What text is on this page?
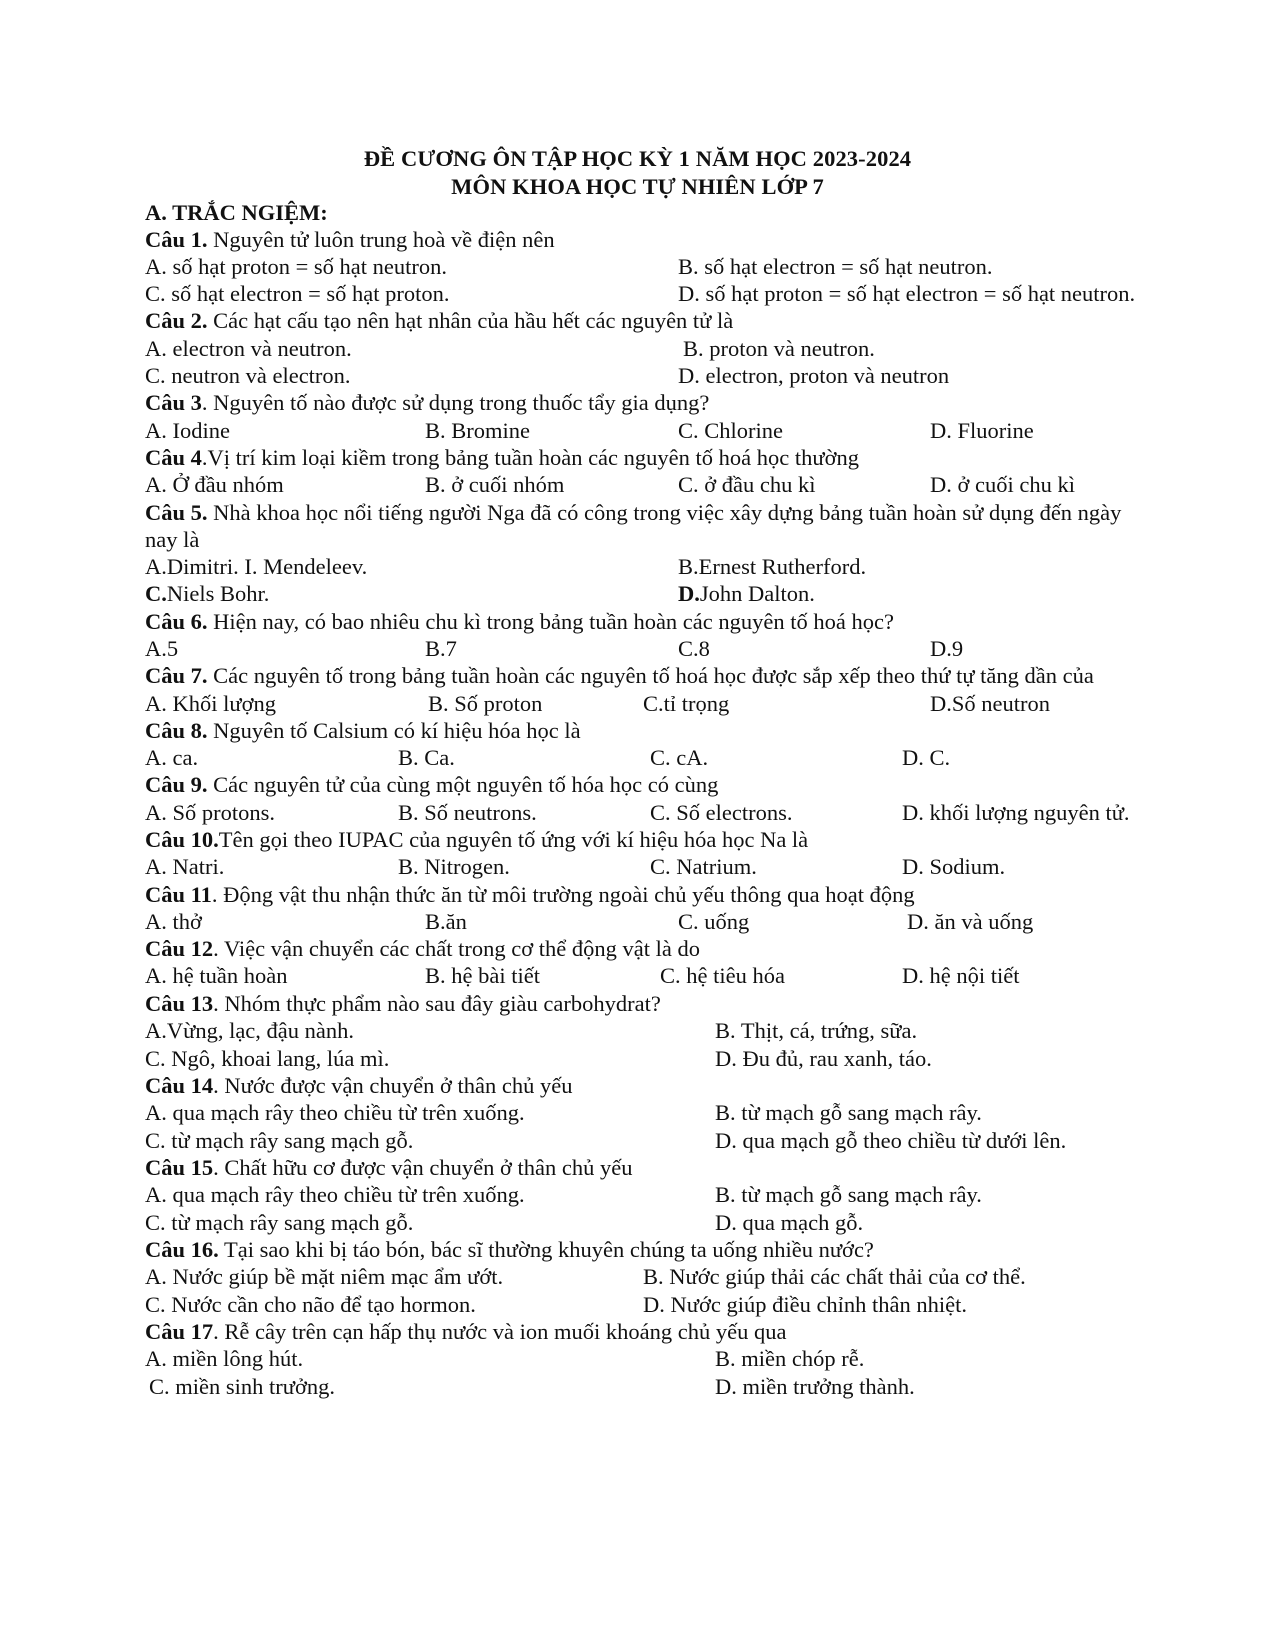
ĐỀ CƯƠNG ÔN TẬP HỌC KỲ 1 NĂM HỌC 2023-2024
MÔN KHOA HỌC TỰ NHIÊN LỚP 7
A. TRẮC NGIỆM:
Câu 1. Nguyên tử luôn trung hoà về điện nên
A. số hạt proton = số hạt neutron.	B. số hạt electron = số hạt neutron.
C. số hạt electron = số hạt proton.	D. số hạt proton = số hạt electron = số hạt neutron.
Câu 2. Các hạt cấu tạo nên hạt nhân của hầu hết các nguyên tử là
A. electron và neutron.	B. proton và neutron.
C. neutron và electron.	D. electron, proton và neutron
Câu 3. Nguyên tố nào được sử dụng trong thuốc tẩy gia dụng?
A. Iodine	B. Bromine	C. Chlorine	D. Fluorine
Câu 4.Vị trí kim loại kiềm trong bảng tuần hoàn các nguyên tố hoá học thường
A. Ở đầu nhóm	B. ở cuối nhóm	C. ở đầu chu kì	D. ở cuối chu kì
Câu 5. Nhà khoa học nổi tiếng người Nga đã có công trong việc xây dựng bảng tuần hoàn sử dụng đến ngày
nay là
A.Dimitri. I. Mendeleev.	B.Ernest Rutherford.
C.Niels Bohr.	D.John Dalton.
Câu 6. Hiện nay, có bao nhiêu chu kì trong bảng tuần hoàn các nguyên tố hoá học?
A.5	B.7	C.8	D.9
Câu 7. Các nguyên tố trong bảng tuần hoàn các nguyên tố hoá học được sắp xếp theo thứ tự tăng dần của
A. Khối lượng	B. Số proton	C.tỉ trọng	D.Số neutron
Câu 8. Nguyên tố Calsium có kí hiệu hóa học là
A. ca.	B. Ca.	C. cA.	D. C.
Câu 9. Các nguyên tử của cùng một nguyên tố hóa học có cùng
A. Số protons.	B. Số neutrons.	C. Số electrons.	D. khối lượng nguyên tử.
Câu 10.Tên gọi theo IUPAC của nguyên tố ứng với kí hiệu hóa học Na là
A. Natri.	B. Nitrogen.	C. Natrium.	D. Sodium.
Câu 11. Động vật thu nhận thức ăn từ môi trường ngoài chủ yếu thông qua hoạt động
A. thở	B.ăn	C. uống	D. ăn và uống
Câu 12. Việc vận chuyển các chất trong cơ thể động vật là do
A. hệ tuần hoàn	B. hệ bài tiết	C. hệ tiêu hóa	D. hệ nội tiết
Câu 13. Nhóm thực phẩm nào sau đây giàu carbohydrat?
A.Vừng, lạc, đậu nành.	B. Thịt, cá, trứng, sữa.
C. Ngô, khoai lang, lúa mì.	D. Đu đủ, rau xanh, táo.
Câu 14. Nước được vận chuyển ở thân chủ yếu
A. qua mạch rây theo chiều từ trên xuống.	B. từ mạch gỗ sang mạch rây.
C. từ mạch rây sang mạch gỗ.	D. qua mạch gỗ theo chiều từ dưới lên.
Câu 15. Chất hữu cơ được vận chuyển ở thân chủ yếu
A. qua mạch rây theo chiều từ trên xuống.	B. từ mạch gỗ sang mạch rây.
C. từ mạch rây sang mạch gỗ.	D. qua mạch gỗ.
Câu 16. Tại sao khi bị táo bón, bác sĩ thường khuyên chúng ta uống nhiều nước?
A. Nước giúp bề mặt niêm mạc ẩm ướt.	B. Nước giúp thải các chất thải của cơ thể.
C. Nước cần cho não để tạo hormon.	D. Nước giúp điều chỉnh thân nhiệt.
Câu 17. Rễ cây trên cạn hấp thụ nước và ion muối khoáng chủ yếu qua
A. miền lông hút.	B. miền chóp rễ.
C. miền sinh trưởng.	D. miền trưởng thành.
